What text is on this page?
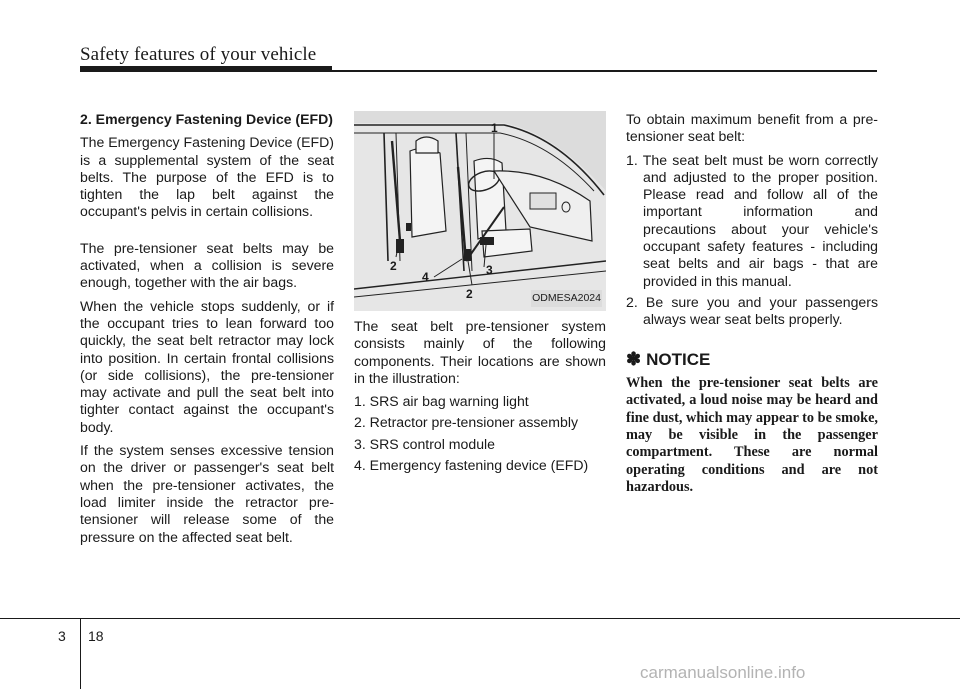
Safety features of your vehicle
2. Emergency Fastening Device (EFD)

The Emergency Fastening Device (EFD) is a supplemental system of the seat belts. The purpose of the EFD is to tighten the lap belt against the occupant's pelvis in certain collisions.

The pre-tensioner seat belts may be activated, when a collision is severe enough, together with the air bags.

When the vehicle stops suddenly, or if the occupant tries to lean forward too quickly, the seat belt retractor may lock into position. In certain frontal collisions (or side collisions), the pre-tensioner may activate and pull the seat belt into tighter contact against the occupant's body.

If the system senses excessive tension on the driver or passenger's seat belt when the pre-tensioner activates, the load limiter inside the retractor pre-tensioner will release some of the pressure on the affected seat belt.

1
2
4	3
2	ODMESA2024

The seat belt pre-tensioner system consists mainly of the following components. Their locations are shown in the illustration:

1. SRS air bag warning light
2. Retractor pre-tensioner assembly
3. SRS control module
4. Emergency fastening device (EFD)

To obtain maximum benefit from a pre-tensioner seat belt:

1. The seat belt must be worn correctly and adjusted to the proper position. Please read and follow all of the important information and precautions about your vehicle's occupant safety features - including seat belts and air bags - that are provided in this manual.
2. Be sure you and your passengers always wear seat belts properly.
✽ NOTICE

When the pre-tensioner seat belts are activated, a loud noise may be heard and fine dust, which may appear to be smoke, may be visible in the passenger compartment. These are normal operating conditions and are not hazardous.

3 18
carmanualsonline.info
